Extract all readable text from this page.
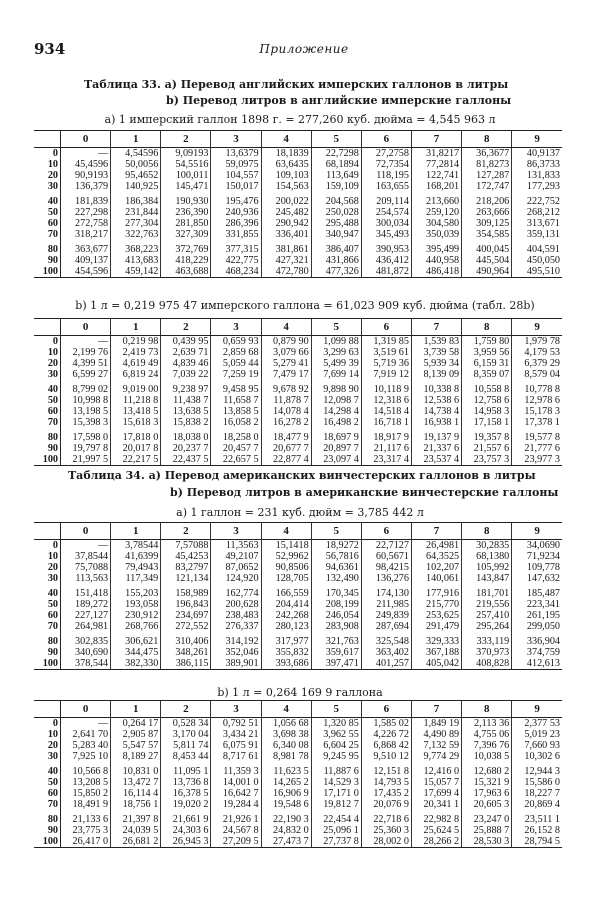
934	Приложение
Таблица 33. a) Перевод английских имперских галлонов в литры
b) Перевод литров в английские имперские галлоны
a) 1 имперский галлон 1898 г. = 277,260 куб. дюйма = 4,545 963 л
	0	1	2	3	4	5	6	7	8	9
0	—	4,54596	9,09193	13,6379	18,1839	22,7298	27,2758	31,8217	36,3677	40,9137
10	45,4596	50,0056	54,5516	59,0975	63,6435	68,1894	72,7354	77,2814	81,8273	86,3733
20	90,9193	95,4652	100,011	104,557	109,103	113,649	118,195	122,741	127,287	131,833
30	136,379	140,925	145,471	150,017	154,563	159,109	163,655	168,201	172,747	177,293
40	181,839	186,384	190,930	195,476	200,022	204,568	209,114	213,660	218,206	222,752
50	227,298	231,844	236,390	240,936	245,482	250,028	254,574	259,120	263,666	268,212
60	272,758	277,304	281,850	286,396	290,942	295,488	300,034	304,580	309,125	313,671
70	318,217	322,763	327,309	331,855	336,401	340,947	345,493	350,039	354,585	359,131
80	363,677	368,223	372,769	377,315	381,861	386,407	390,953	395,499	400,045	404,591
90	409,137	413,683	418,229	422,775	427,321	431,866	436,412	440,958	445,504	450,050
100	454,596	459,142	463,688	468,234	472,780	477,326	481,872	486,418	490,964	495,510
b) 1 л = 0,219 975 47 имперского галлона = 61,023 909 куб. дюйма (табл. 28b)
	0	1	2	3	4	5	6	7	8	9
0	—	0,219 98	0,439 95	0,659 93	0,879 90	1,099 88	1,319 85	1,539 83	1,759 80	1,979 78
10	2,199 76	2,419 73	2,639 71	2,859 68	3,079 66	3,299 63	3,519 61	3,739 58	3,959 56	4,179 53
20	4,399 51	4,619 49	4,839 46	5,059 44	5,279 41	5,499 39	5,719 36	5,939 34	6,159 31	6,379 29
30	6,599 27	6,819 24	7,039 22	7,259 19	7,479 17	7,699 14	7,919 12	8,139 09	8,359 07	8,579 04
40	8,799 02	9,019 00	9,238 97	9,458 95	9,678 92	9,898 90	10,118 9	10,338 8	10,558 8	10,778 8
50	10,998 8	11,218 8	11,438 7	11,658 7	11,878 7	12,098 7	12,318 6	12,538 6	12,758 6	12,978 6
60	13,198 5	13,418 5	13,638 5	13,858 5	14,078 4	14,298 4	14,518 4	14,738 4	14,958 3	15,178 3
70	15,398 3	15,618 3	15,838 2	16,058 2	16,278 2	16,498 2	16,718 1	16,938 1	17,158 1	17,378 1
80	17,598 0	17,818 0	18,038 0	18,258 0	18,477 9	18,697 9	18,917 9	19,137 9	19,357 8	19,577 8
90	19,797 8	20,017 8	20,237 7	20,457 7	20,677 7	20,897 7	21,117 6	21,337 6	21,557 6	21,777 6
100	21,997 5	22,217 5	22,437 5	22,657 5	22,877 4	23,097 4	23,317 4	23,537 4	23,757 3	23,977 3
Таблица 34. a) Перевод американских винчестерских галлонов в литры
b) Перевод литров в американские винчестерские галлоны
a) 1 галлон = 231 куб. дюйм = 3,785 442 л
	0	1	2	3	4	5	6	7	8	9
0	—	3,78544	7,57088	11,3563	15,1418	18,9272	22,7127	26,4981	30,2835	34,0690
10	37,8544	41,6399	45,4253	49,2107	52,9962	56,7816	60,5671	64,3525	68,1380	71,9234
20	75,7088	79,4943	83,2797	87,0652	90,8506	94,6361	98,4215	102,207	105,992	109,778
30	113,563	117,349	121,134	124,920	128,705	132,490	136,276	140,061	143,847	147,632
40	151,418	155,203	158,989	162,774	166,559	170,345	174,130	177,916	181,701	185,487
50	189,272	193,058	196,843	200,628	204,414	208,199	211,985	215,770	219,556	223,341
60	227,127	230,912	234,697	238,483	242,268	246,054	249,839	253,625	257,410	261,195
70	264,981	268,766	272,552	276,337	280,123	283,908	287,694	291,479	295,264	299,050
80	302,835	306,621	310,406	314,192	317,977	321,763	325,548	329,333	333,119	336,904
90	340,690	344,475	348,261	352,046	355,832	359,617	363,402	367,188	370,973	374,759
100	378,544	382,330	386,115	389,901	393,686	397,471	401,257	405,042	408,828	412,613
b) 1 л = 0,264 169 9 галлона
	0	1	2	3	4	5	6	7	8	9
0	—	0,264 17	0,528 34	0,792 51	1,056 68	1,320 85	1,585 02	1,849 19	2,113 36	2,377 53
10	2,641 70	2,905 87	3,170 04	3,434 21	3,698 38	3,962 55	4,226 72	4,490 89	4,755 06	5,019 23
20	5,283 40	5,547 57	5,811 74	6,075 91	6,340 08	6,604 25	6,868 42	7,132 59	7,396 76	7,660 93
30	7,925 10	8,189 27	8,453 44	8,717 61	8,981 78	9,245 95	9,510 12	9,774 29	10,038 5	10,302 6
40	10,566 8	10,831 0	11,095 1	11,359 3	11,623 5	11,887 6	12,151 8	12,416 0	12,680 2	12,944 3
50	13,208 5	13,472 7	13,736 8	14,001 0	14,265 2	14,529 3	14,793 5	15,057 7	15,321 9	15,586 0
60	15,850 2	16,114 4	16,378 5	16,642 7	16,906 9	17,171 0	17,435 2	17,699 4	17,963 6	18,227 7
70	18,491 9	18,756 1	19,020 2	19,284 4	19,548 6	19,812 7	20,076 9	20,341 1	20,605 3	20,869 4
80	21,133 6	21,397 8	21,661 9	21,926 1	22,190 3	22,454 4	22,718 6	22,982 8	23,247 0	23,511 1
90	23,775 3	24,039 5	24,303 6	24,567 8	24,832 0	25,096 1	25,360 3	25,624 5	25,888 7	26,152 8
100	26,417 0	26,681 2	26,945 3	27,209 5	27,473 7	27,737 8	28,002 0	28,266 2	28,530 3	28,794 5
